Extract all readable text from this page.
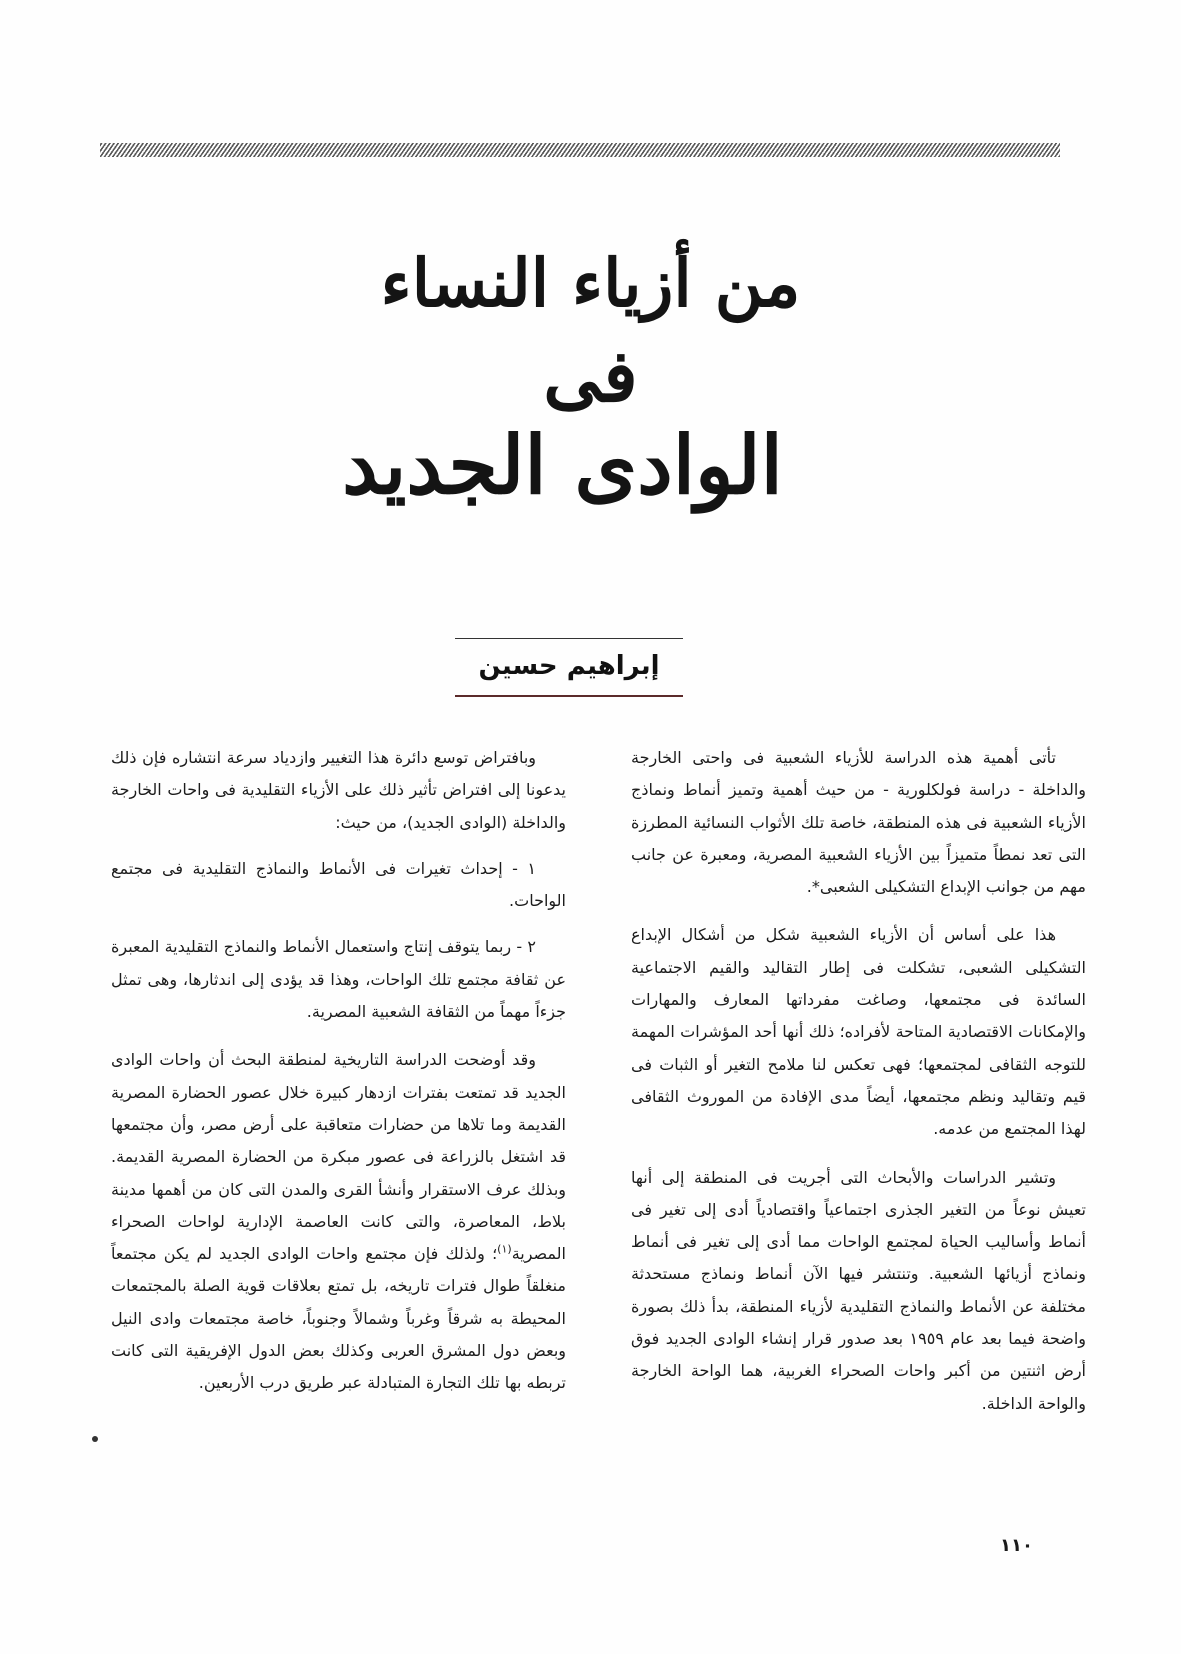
من أزياء النساء
فى
الوادى الجديد
إبراهيم حسين

تأتى أهمية هذه الدراسة للأزياء الشعبية فى واحتى الخارجة والداخلة - دراسة فولكلورية - من حيث أهمية وتميز أنماط ونماذج الأزياء الشعبية فى هذه المنطقة، خاصة تلك الأثواب النسائية المطرزة التى تعد نمطاً متميزاً بين الأزياء الشعبية المصرية، ومعبرة عن جانب مهم من جوانب الإبداع التشكيلى الشعبى*.

هذا على أساس أن الأزياء الشعبية شكل من أشكال الإبداع التشكيلى الشعبى، تشكلت فى إطار التقاليد والقيم الاجتماعية السائدة فى مجتمعها، وصاغت مفرداتها المعارف والمهارات والإمكانات الاقتصادية المتاحة لأفراده؛ ذلك أنها أحد المؤشرات المهمة للتوجه الثقافى لمجتمعها؛ فهى تعكس لنا ملامح التغير أو الثبات فى قيم وتقاليد ونظم مجتمعها، أيضاً مدى الإفادة من الموروث الثقافى لهذا المجتمع من عدمه.

وتشير الدراسات والأبحاث التى أجريت فى المنطقة إلى أنها تعيش نوعاً من التغير الجذرى اجتماعياً واقتصادياً أدى إلى تغير فى أنماط وأساليب الحياة لمجتمع الواحات مما أدى إلى تغير فى أنماط ونماذج أزيائها الشعبية. وتنتشر فيها الآن أنماط ونماذج مستحدثة مختلفة عن الأنماط والنماذج التقليدية لأزياء المنطقة، بدأ ذلك بصورة واضحة فيما بعد عام ١٩٥٩ بعد صدور قرار إنشاء الوادى الجديد فوق أرض اثنتين من أكبر واحات الصحراء الغربية، هما الواحة الخارجة والواحة الداخلة.

وبافتراض توسع دائرة هذا التغيير وازدياد سرعة انتشاره فإن ذلك يدعونا إلى افتراض تأثير ذلك على الأزياء التقليدية فى واحات الخارجة والداخلة (الوادى الجديد)، من حيث:

١ - إحداث تغيرات فى الأنماط والنماذج التقليدية فى مجتمع الواحات.

٢ - ربما يتوقف إنتاج واستعمال الأنماط والنماذج التقليدية المعبرة عن ثقافة مجتمع تلك الواحات، وهذا قد يؤدى إلى اندثارها، وهى تمثل جزءاً مهماً من الثقافة الشعبية المصرية.

وقد أوضحت الدراسة التاريخية لمنطقة البحث أن واحات الوادى الجديد قد تمتعت بفترات ازدهار كبيرة خلال عصور الحضارة المصرية القديمة وما تلاها من حضارات متعاقبة على أرض مصر، وأن مجتمعها قد اشتغل بالزراعة فى عصور مبكرة من الحضارة المصرية القديمة. وبذلك عرف الاستقرار وأنشأ القرى والمدن التى كان من أهمها مدينة بلاط، المعاصرة، والتى كانت العاصمة الإدارية لواحات الصحراء المصرية$^{(١)}$؛ ولذلك فإن مجتمع واحات الوادى الجديد لم يكن مجتمعاً منغلقاً طوال فترات تاريخه، بل تمتع بعلاقات قوية الصلة بالمجتمعات المحيطة به شرقاً وغرباً وشمالاً وجنوباً، خاصة مجتمعات وادى النيل وبعض دول المشرق العربى وكذلك بعض الدول الإفريقية التى كانت تربطه بها تلك التجارة المتبادلة عبر طريق درب الأربعين.

١١٠
